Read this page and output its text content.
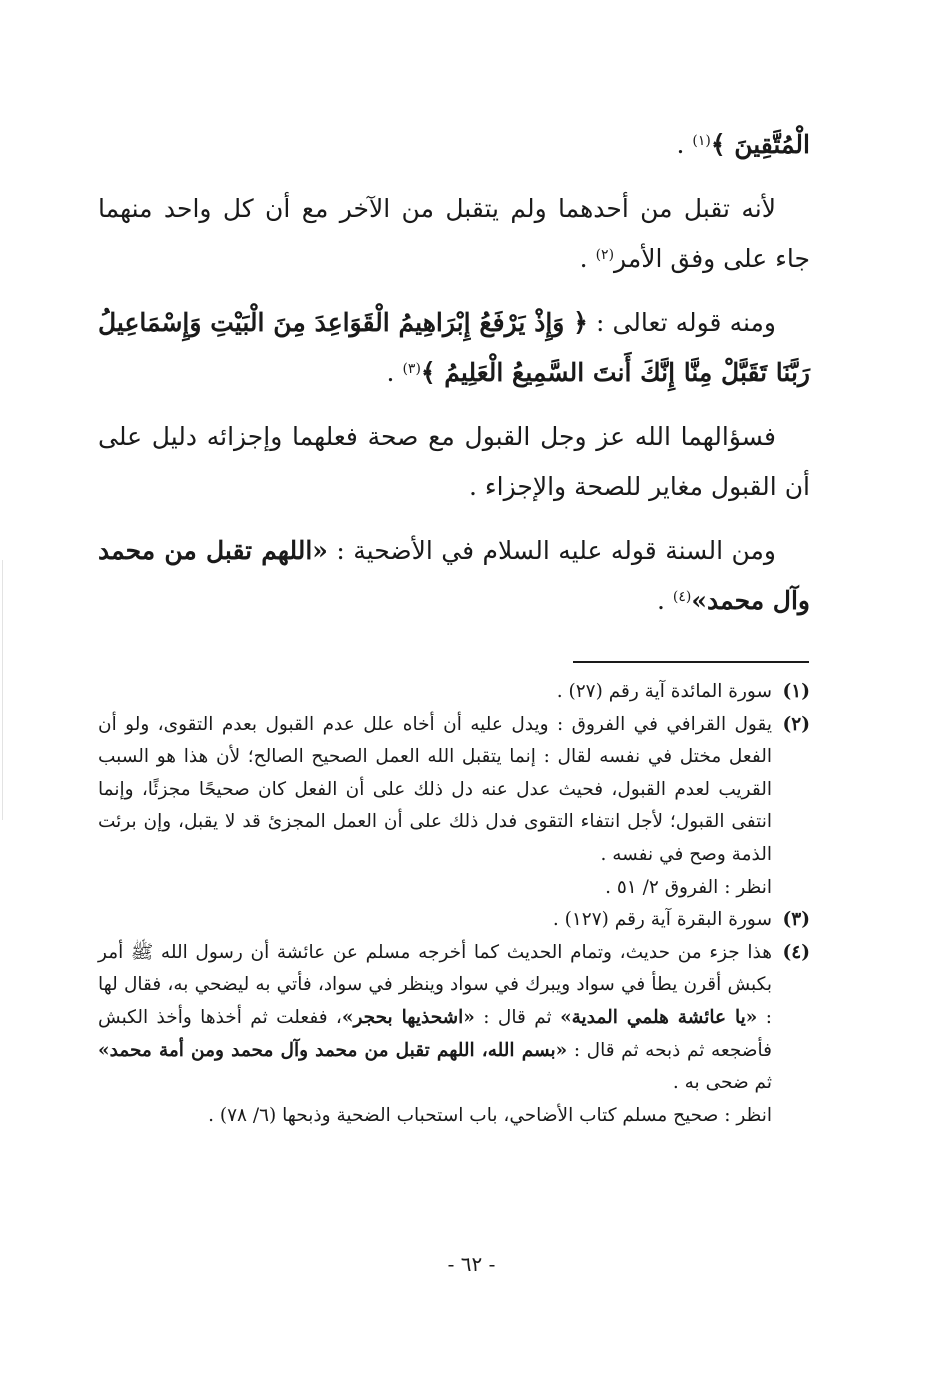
الْمُتَّقِينَ ﴾$^{(١)}$ .

لأنه تقبل من أحدهما ولم يتقبل من الآخر مع أن كل واحد منهما جاء على وفق الأمر$^{(٢)}$ .

ومنه قوله تعالى : ﴿ وَإِذْ يَرْفَعُ إِبْرَاهِيمُ الْقَوَاعِدَ مِنَ الْبَيْتِ وَإِسْمَاعِيلُ رَبَّنَا تَقَبَّلْ مِنَّا إِنَّكَ أَنتَ السَّمِيعُ الْعَلِيمُ ﴾$^{(٣)}$ .

فسؤالهما الله عز وجل القبول مع صحة فعلهما وإجزائه دليل على أن القبول مغاير للصحة والإجزاء .

ومن السنة قوله عليه السلام في الأضحية : «اللهم تقبل من محمد وآل محمد»$^{(٤)}$ .

(١)

سورة المائدة آية رقم (٢٧) .

(٢)

يقول القرافي في الفروق : ويدل عليه أن أخاه علل عدم القبول بعدم التقوى، ولو أن الفعل مختل في نفسه لقال : إنما يتقبل الله العمل الصحيح الصالح؛ لأن هذا هو السبب القريب لعدم القبول، فحيث عدل عنه دل ذلك على أن الفعل كان صحيحًا مجزئًا، وإنما انتفى القبول؛ لأجل انتفاء التقوى فدل ذلك على أن العمل المجزئ قد لا يقبل، وإن برئت الذمة وصح في نفسه .

انظر : الفروق ٢/ ٥١ .

(٣)

سورة البقرة آية رقم (١٢٧) .

(٤)

هذا جزء من حديث، وتمام الحديث كما أخرجه مسلم عن عائشة أن رسول الله ﷺ أمر بكبش أقرن يطأ في سواد ويبرك في سواد وينظر في سواد، فأتي به ليضحي به، فقال لها : «يا عائشة هلمي المدية» ثم قال : «اشحذيها بحجر»، ففعلت ثم أخذها وأخذ الكبش فأضجعه ثم ذبحه ثم قال : «بسم الله، اللهم تقبل من محمد وآل محمد ومن أمة محمد» ثم ضحى به .

انظر : صحيح مسلم كتاب الأضاحي، باب استحباب الضحية وذبحها (٦/ ٧٨) .

- ٦٢ -
